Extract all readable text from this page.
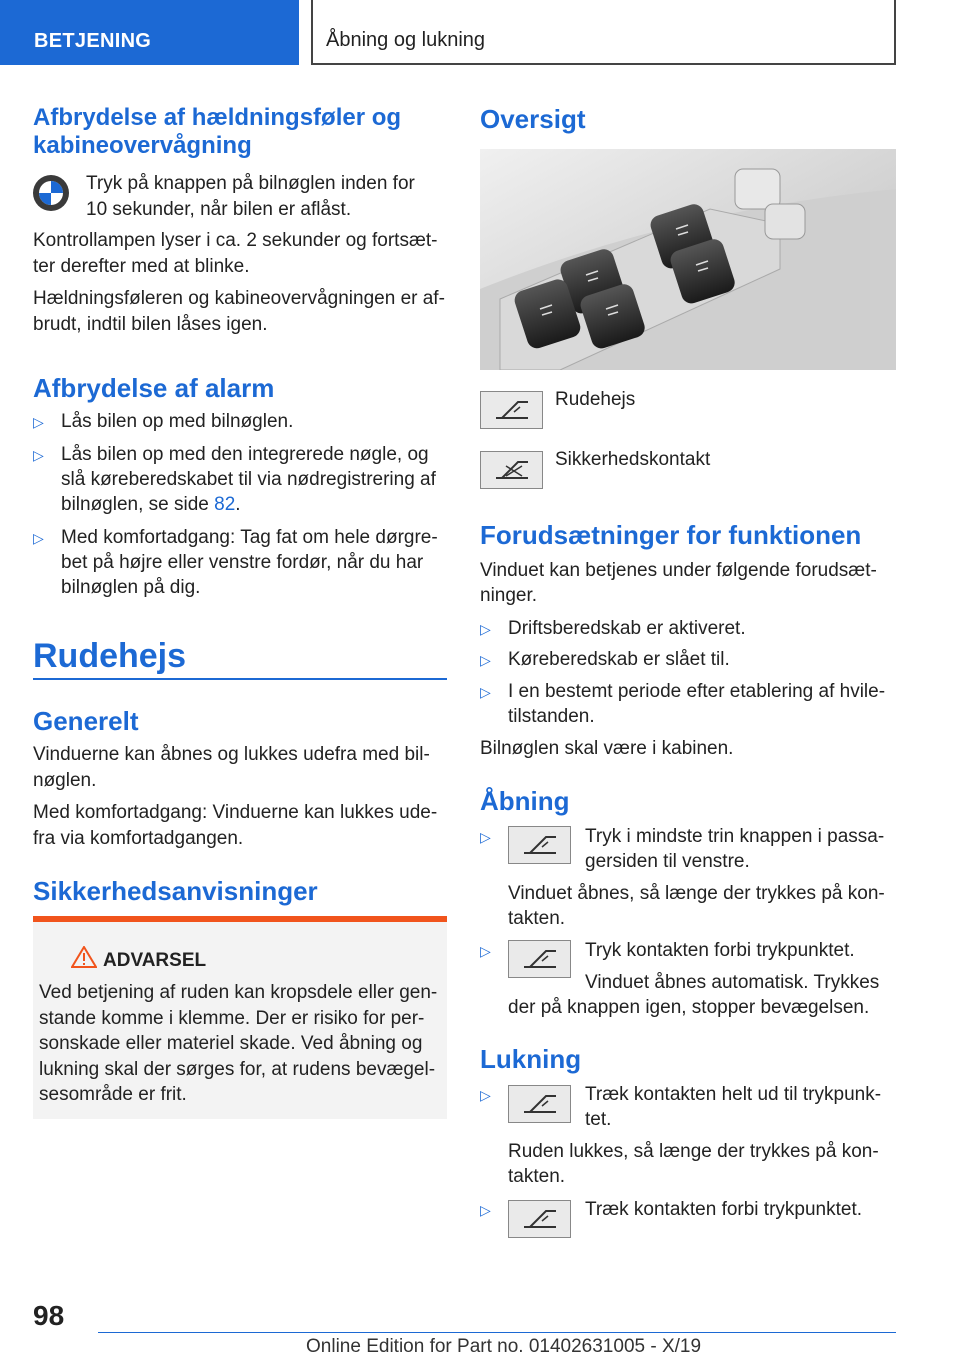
BETJENING	Åbning og lukning
Afbrydelse af hældningsføler og kabineovervågning
Tryk på knappen på bilnøglen inden for
10 sekunder, når bilen er aflåst.
Kontrollampen lyser i ca. 2 sekunder og fortsæt-
ter derefter med at blinke.
Hældningsføleren og kabineovervågningen er af-
brudt, indtil bilen låses igen.
Afbrydelse af alarm
▷ Lås bilen op med bilnøglen.
▷ Lås bilen op med den integrerede nøgle, og
slå køreberedskabet til via nødregistrering af
bilnøglen, se side 82.
▷ Med komfortadgang: Tag fat om hele dørgre-
bet på højre eller venstre fordør, når du har
bilnøglen på dig.
Rudehejs
Generelt
Vinduerne kan åbnes og lukkes udefra med bil-
nøglen.
Med komfortadgang: Vinduerne kan lukkes ude-
fra via komfortadgangen.
Sikkerhedsanvisninger
ADVARSEL
Ved betjening af ruden kan kropsdele eller gen-
stande komme i klemme. Der er risiko for per-
sonskade eller materiel skade. Ved åbning og
lukning skal der sørges for, at rudens bevægel-
sesområde er frit.
Oversigt
Rudehejs
Sikkerhedskontakt
Forudsætninger for funktionen
Vinduet kan betjenes under følgende forudsæt-
ninger.
▷ Driftsberedskab er aktiveret.
▷ Køreberedskab er slået til.
▷ I en bestemt periode efter etablering af hvile-
tilstanden.
Bilnøglen skal være i kabinen.
Åbning
▷	Tryk i mindste trin knappen i passa-
gersiden til venstre.
Vinduet åbnes, så længe der trykkes på kon-
takten.
▷	Tryk kontakten forbi trykpunktet.
Vinduet åbnes automatisk. Trykkes
der på knappen igen, stopper bevægelsen.
Lukning
▷	Træk kontakten helt ud til trykpunk-
tet.
Ruden lukkes, så længe der trykkes på kon-
takten.
▷	Træk kontakten forbi trykpunktet.
98
Online Edition for Part no. 01402631005 - X/19
